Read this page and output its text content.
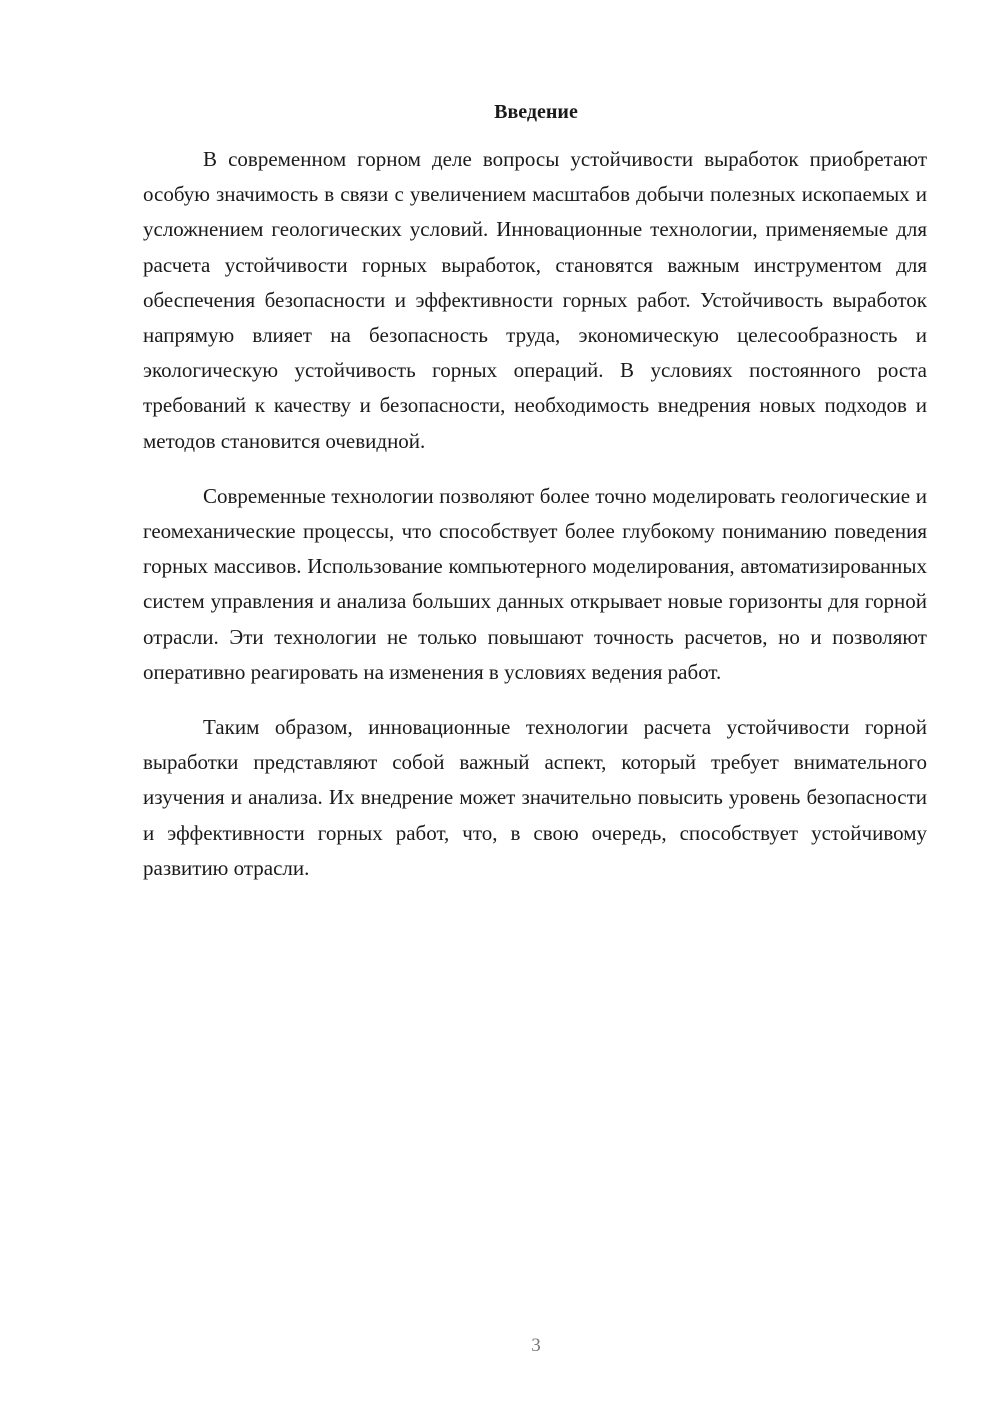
Введение

В современном горном деле вопросы устойчивости выработок приобретают особую значимость в связи с увеличением масштабов добычи полезных ископаемых и усложнением геологических условий. Инновационные технологии, применяемые для расчета устойчивости горных выработок, становятся важным инструментом для обеспечения безопасности и эффективности горных работ. Устойчивость выработок напрямую влияет на безопасность труда, экономическую целесообразность и экологическую устойчивость горных операций. В условиях постоянного роста требований к качеству и безопасности, необходимость внедрения новых подходов и методов становится очевидной.

Современные технологии позволяют более точно моделировать геологические и геомеханические процессы, что способствует более глубокому пониманию поведения горных массивов. Использование компьютерного моделирования, автоматизированных систем управления и анализа больших данных открывает новые горизонты для горной отрасли. Эти технологии не только повышают точность расчетов, но и позволяют оперативно реагировать на изменения в условиях ведения работ.

Таким образом, инновационные технологии расчета устойчивости горной выработки представляют собой важный аспект, который требует внимательного изучения и анализа. Их внедрение может значительно повысить уровень безопасности и эффективности горных работ, что, в свою очередь, способствует устойчивому развитию отрасли.

3
